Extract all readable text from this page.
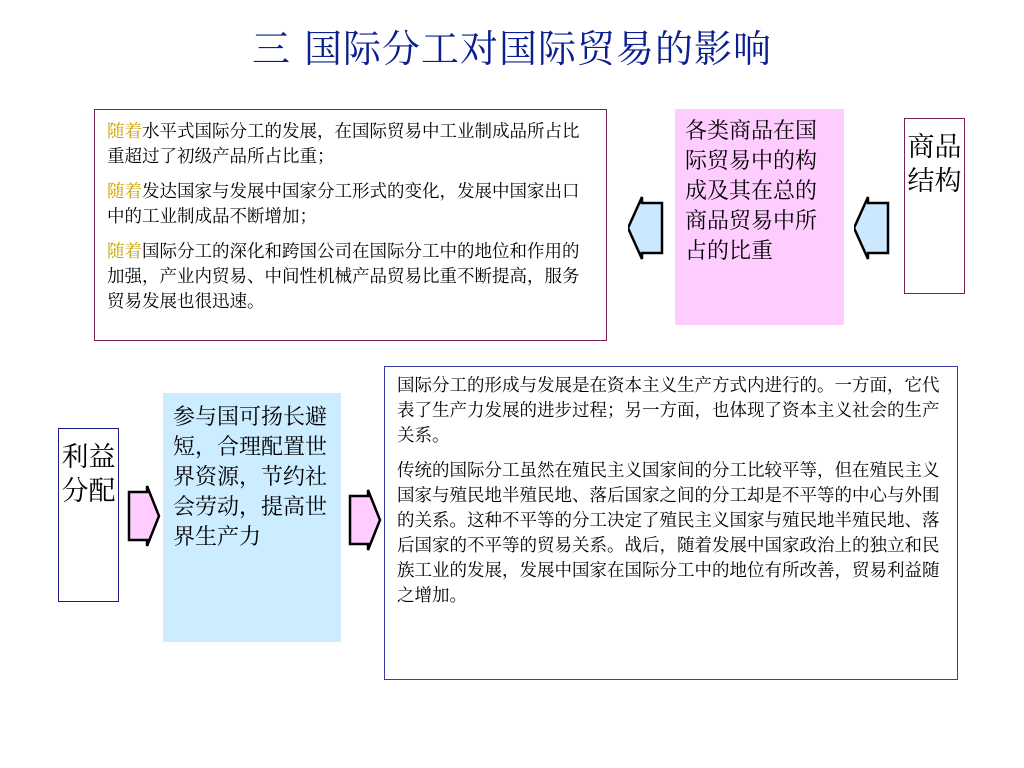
三 国际分工对国际贸易的影响

随着水平式国际分工的发展，在国际贸易中工业制成品所占比重超过了初级产品所占比重；

随着发达国家与发展中国家分工形式的变化，发展中国家出口中的工业制成品不断增加；

随着国际分工的深化和跨国公司在国际分工中的地位和作用的加强，产业内贸易、中间性机械产品贸易比重不断提高，服务贸易发展也很迅速。

各类商品在国际贸易中的构成及其在总的商品贸易中所占的比重
商品结构
利益分配
参与国可扬长避短，合理配置世界资源，节约社会劳动，提高世界生产力

国际分工的形成与发展是在资本主义生产方式内进行的。一方面，它代表了生产力发展的进步过程；另一方面，也体现了资本主义社会的生产关系。

传统的国际分工虽然在殖民主义国家间的分工比较平等，但在殖民主义国家与殖民地半殖民地、落后国家之间的分工却是不平等的中心与外围的关系。这种不平等的分工决定了殖民主义国家与殖民地半殖民地、落后国家的不平等的贸易关系。战后，随着发展中国家政治上的独立和民族工业的发展，发展中国家在国际分工中的地位有所改善，贸易利益随之增加。
